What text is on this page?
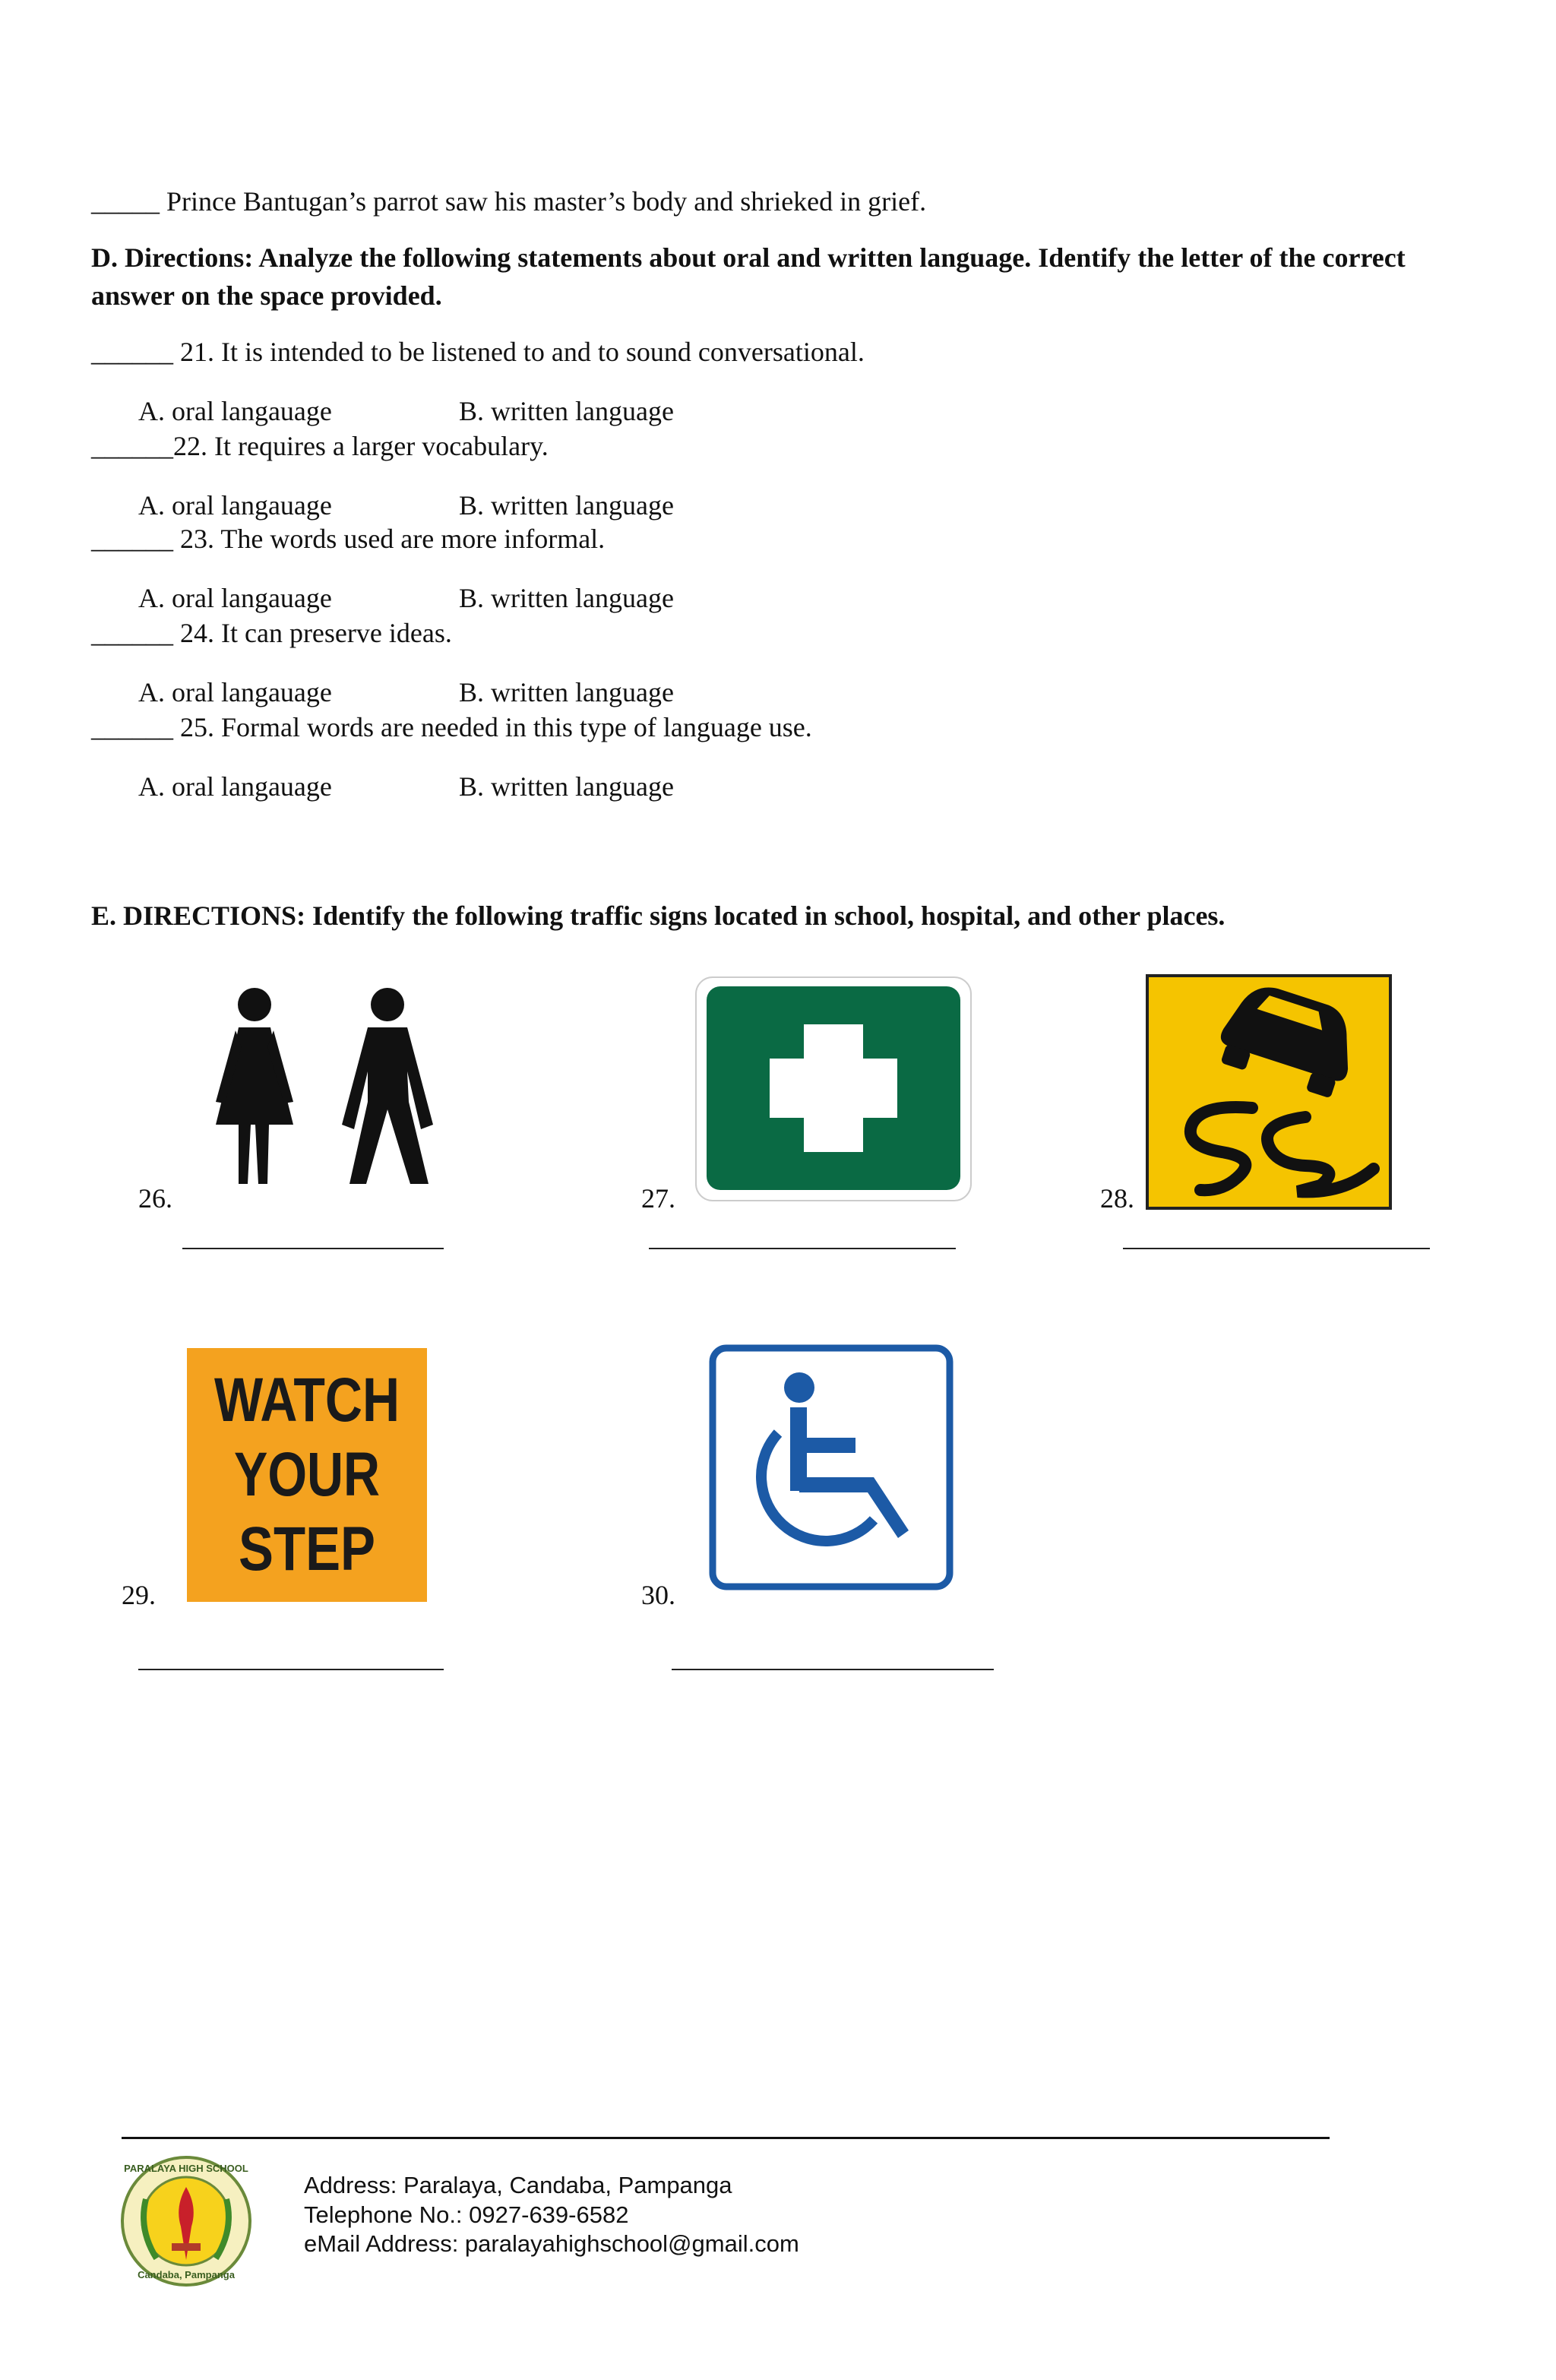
_____ Prince Bantugan’s parrot saw his master’s body and shrieked in grief.
D. Directions: Analyze the following statements about oral and written language. Identify the letter of the correct answer on the space provided.
______ 21. It is intended to be listened to and to sound conversational.
A. oral langauage	B. written language
______22. It requires a larger vocabulary.
A. oral langauage	B. written language
______ 23. The words used are more informal.
A. oral langauage	B. written language
______ 24. It can preserve ideas.
A. oral langauage	B. written language
______ 25. Formal words are needed in this type of language use.
A. oral langauage	B. written language
E. DIRECTIONS: Identify the following traffic signs located in school, hospital, and other places.
26.	27.	28.
WATCH
YOUR
STEP
29.	30.
PARALAYA HIGH SCHOOL
Candaba, Pampanga
Address: Paralaya, Candaba, Pampanga
Telephone No.: 0927-639-6582
eMail Address: paralayahighschool@gmail.com
